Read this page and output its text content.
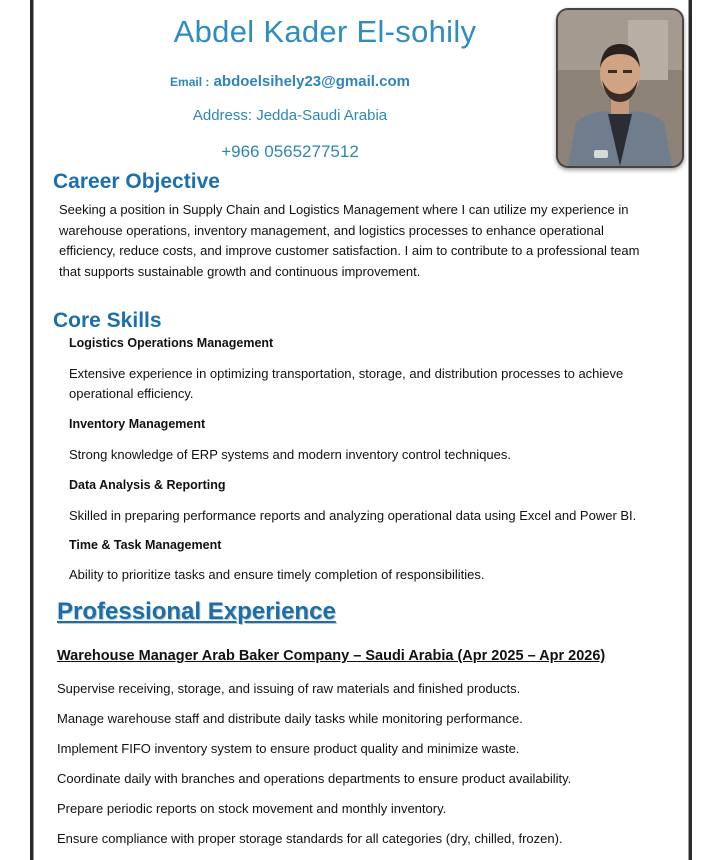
Abdel Kader El-sohily
Email : abdoelsihely23@gmail.com
Address: Jedda-Saudi Arabia
+966 0565277512
Career Objective
Seeking a position in Supply Chain and Logistics Management where I can utilize my experience in
warehouse operations, inventory management, and logistics processes to enhance operational
efficiency, reduce costs, and improve customer satisfaction. I aim to contribute to a professional team
that supports sustainable growth and continuous improvement.
Core Skills
Logistics Operations Management
Extensive experience in optimizing transportation, storage, and distribution processes to achieve
operational efficiency.
Inventory Management
Strong knowledge of ERP systems and modern inventory control techniques.
Data Analysis & Reporting
Skilled in preparing performance reports and analyzing operational data using Excel and Power BI.
Time & Task Management
Ability to prioritize tasks and ensure timely completion of responsibilities.
Professional Experience
Warehouse Manager Arab Baker Company – Saudi Arabia (Apr 2025 – Apr 2026)
Supervise receiving, storage, and issuing of raw materials and finished products.
Manage warehouse staff and distribute daily tasks while monitoring performance.
Implement FIFO inventory system to ensure product quality and minimize waste.
Coordinate daily with branches and operations departments to ensure product availability.
Prepare periodic reports on stock movement and monthly inventory.
Ensure compliance with proper storage standards for all categories (dry, chilled, frozen).
